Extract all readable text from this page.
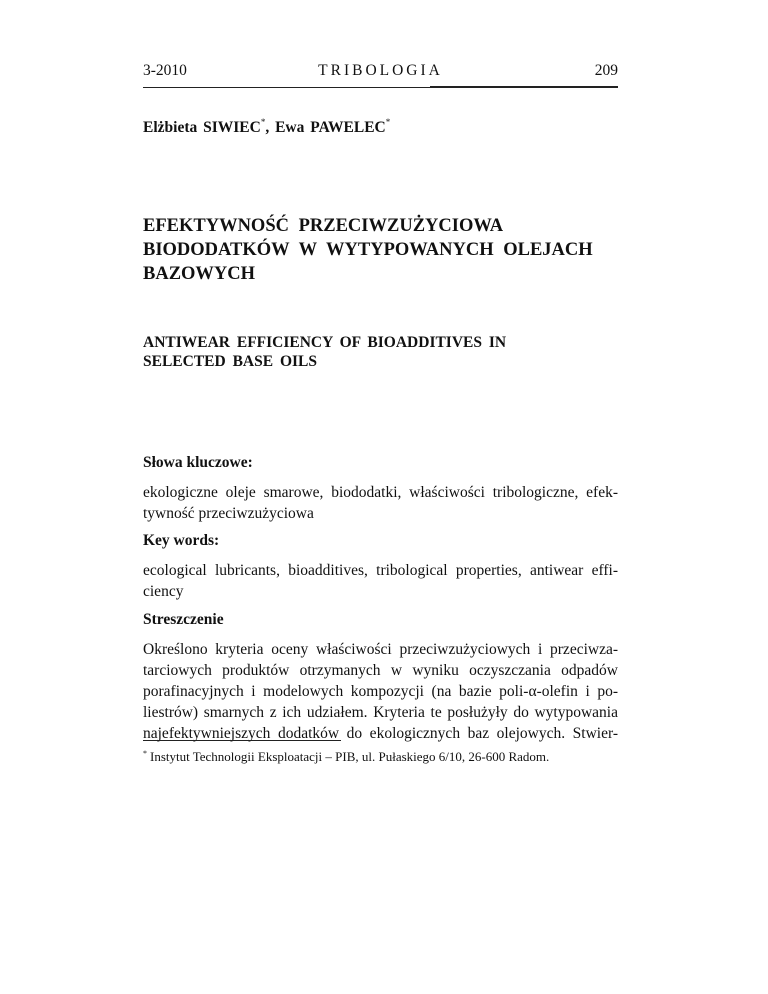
3-2010	TRIBOLOGIA	209
Elżbieta SIWIEC*, Ewa PAWELEC*
EFEKTYWNOŚĆ PRZECIWZUŻYCIOWA
BIODODATKÓW W WYTYPOWANYCH OLEJACH
BAZOWYCH
ANTIWEAR EFFICIENCY OF BIOADDITIVES IN
SELECTED BASE OILS
Słowa kluczowe:
ekologiczne oleje smarowe, biododatki, właściwości tribologiczne, efek-
tywność przeciwzużyciowa
Key words:
ecological lubricants, bioadditives, tribological properties, antiwear effi-
ciency
Streszczenie
Określono kryteria oceny właściwości przeciwzużyciowych i przeciwza-
tarciowych produktów otrzymanych w wyniku oczyszczania odpadów
porafinacyjnych i modelowych kompozycji (na bazie poli-α-olefin i po-
liestrów) smarnych z ich udziałem. Kryteria te posłużyły do wytypowania
najefektywniejszych dodatków do ekologicznych baz olejowych. Stwier-
* Instytut Technologii Eksploatacji – PIB, ul. Pułaskiego 6/10, 26-600 Radom.
